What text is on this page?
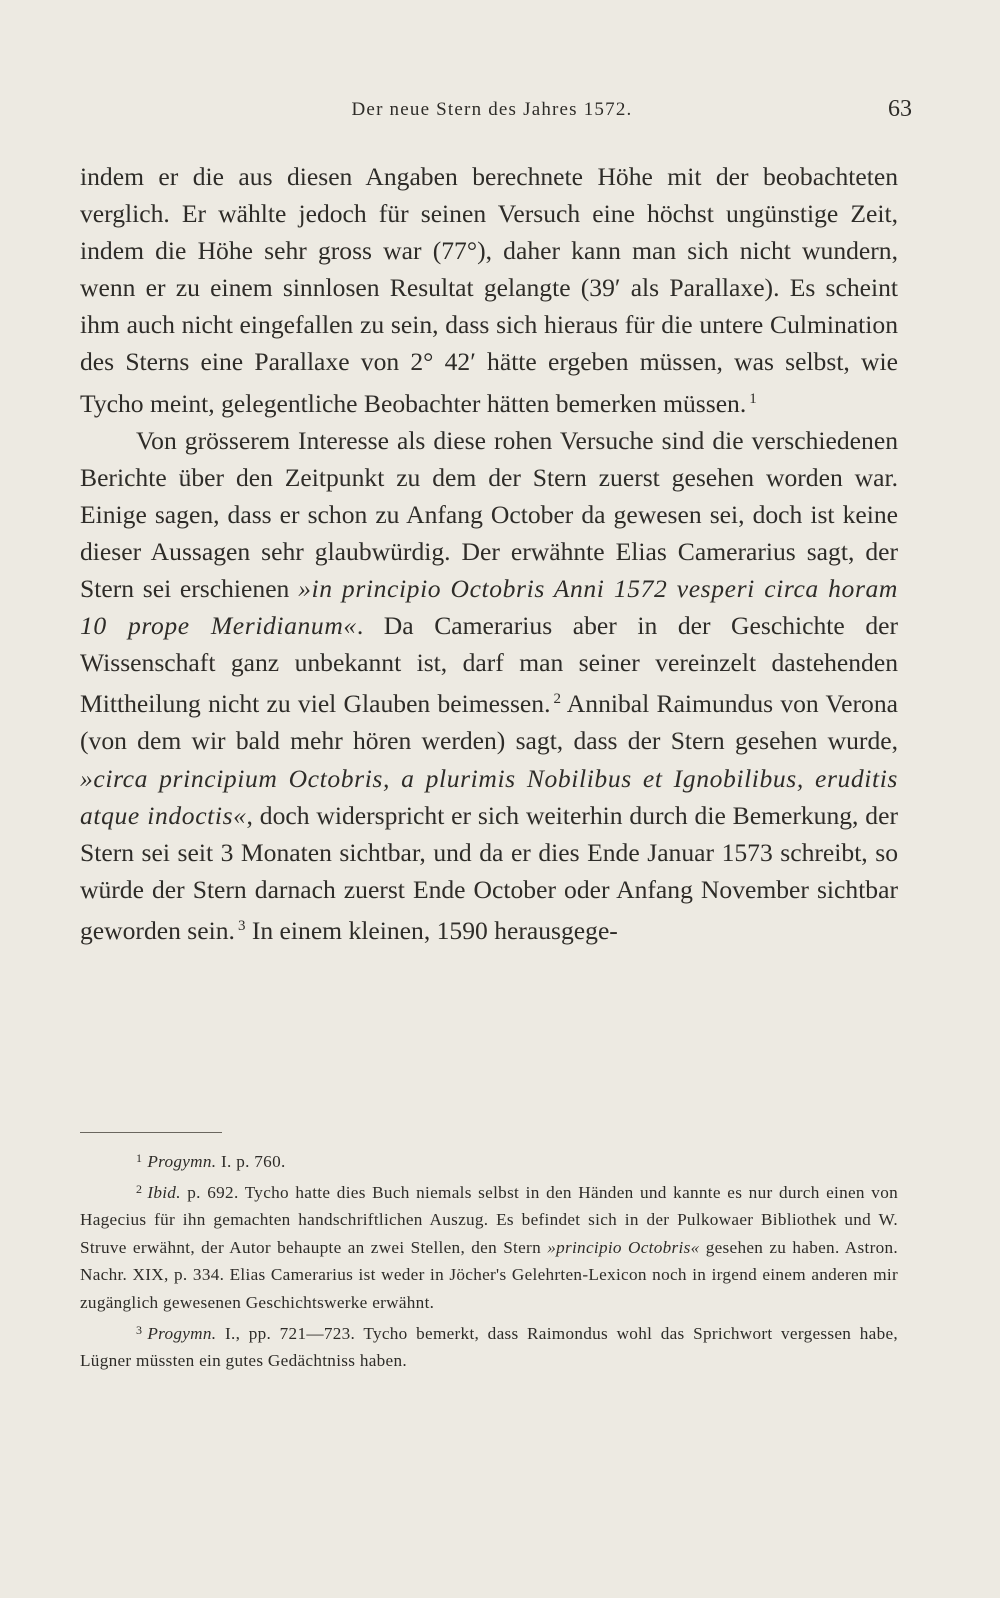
Der neue Stern des Jahres 1572.	63

indem er die aus diesen Angaben berechnete Höhe mit der beobachteten verglich. Er wählte jedoch für seinen Versuch eine höchst ungünstige Zeit, indem die Höhe sehr gross war (77°), daher kann man sich nicht wundern, wenn er zu einem sinnlosen Resultat gelangte (39′ als Parallaxe). Es scheint ihm auch nicht eingefallen zu sein, dass sich hieraus für die untere Culmination des Sterns eine Parallaxe von 2° 42′ hätte ergeben müssen, was selbst, wie Tycho meint, gelegentliche Beobachter hätten bemerken müssen. $^1$

Von grösserem Interesse als diese rohen Versuche sind die verschiedenen Berichte über den Zeitpunkt zu dem der Stern zuerst gesehen worden war. Einige sagen, dass er schon zu Anfang October da gewesen sei, doch ist keine dieser Aussagen sehr glaubwürdig. Der erwähnte Elias Camerarius sagt, der Stern sei erschienen »in principio Octobris Anni 1572 vesperi circa horam 10 prope Meridianum«. Da Camerarius aber in der Geschichte der Wissenschaft ganz unbekannt ist, darf man seiner vereinzelt dastehenden Mittheilung nicht zu viel Glauben beimessen. $^2$ Annibal Raimundus von Verona (von dem wir bald mehr hören werden) sagt, dass der Stern gesehen wurde, »circa principium Octobris, a plurimis Nobilibus et Ignobilibus, eruditis atque indoctis«, doch widerspricht er sich weiterhin durch die Bemerkung, der Stern sei seit 3 Monaten sichtbar, und da er dies Ende Januar 1573 schreibt, so würde der Stern darnach zuerst Ende October oder Anfang November sichtbar geworden sein. $^3$ In einem kleinen, 1590 herausgege-

$^1$ Progymn. I. p. 760.

$^2$ Ibid. p. 692. Tycho hatte dies Buch niemals selbst in den Händen und kannte es nur durch einen von Hagecius für ihn gemachten handschriftlichen Auszug. Es befindet sich in der Pulkowaer Bibliothek und W. Struve erwähnt, der Autor behaupte an zwei Stellen, den Stern »principio Octobris« gesehen zu haben. Astron. Nachr. XIX, p. 334. Elias Camerarius ist weder in Jöcher's Gelehrten-Lexicon noch in irgend einem anderen mir zugänglich gewesenen Geschichtswerke erwähnt.

$^3$ Progymn. I., pp. 721—723. Tycho bemerkt, dass Raimondus wohl das Sprichwort vergessen habe, Lügner müssten ein gutes Gedächtniss haben.
